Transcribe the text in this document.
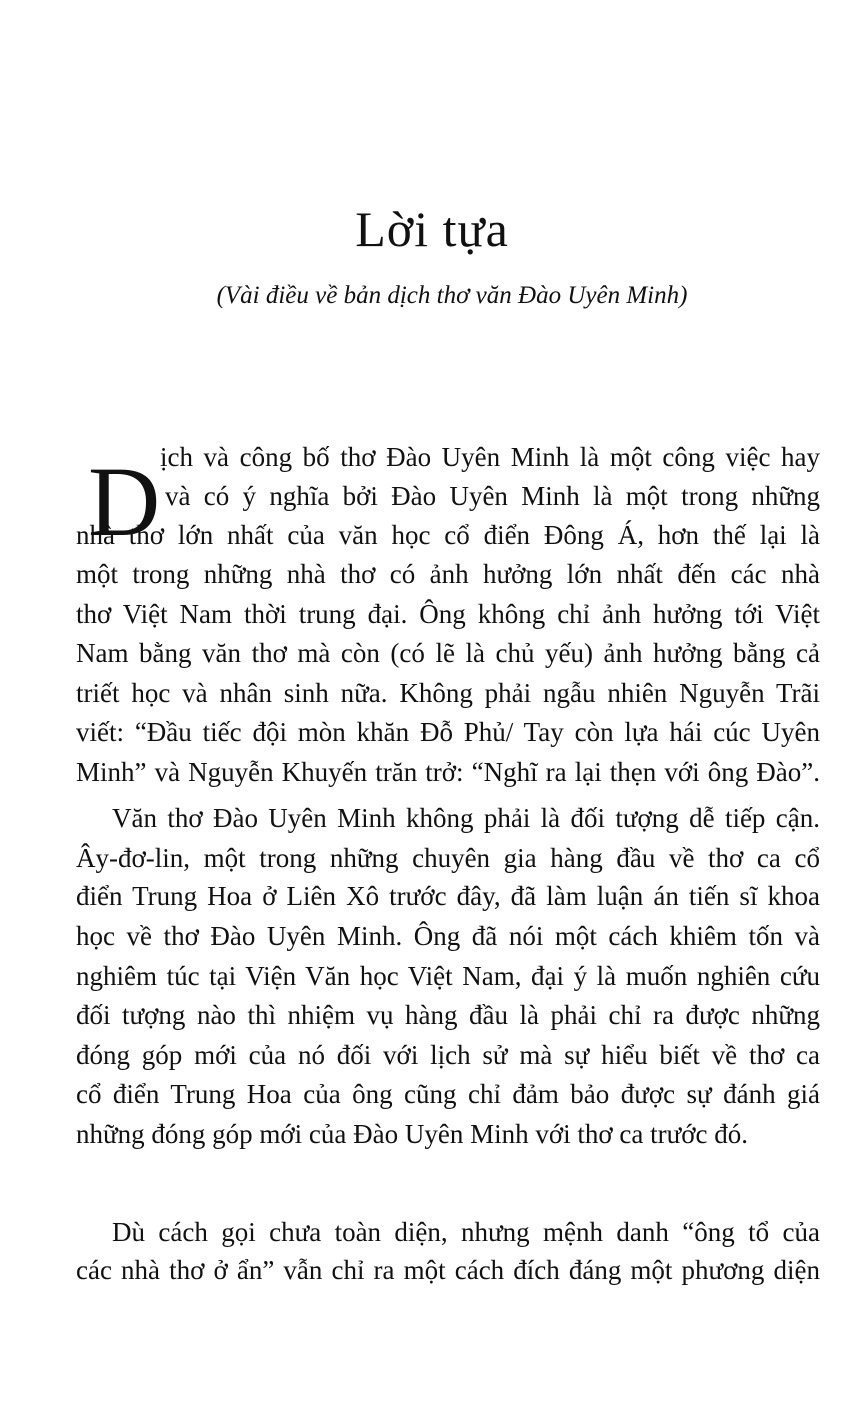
Lời tựa
(Vài điều về bản dịch thơ văn Đào Uyên Minh)
D ịch và công bố thơ Đào Uyên Minh là một công việc hay
và có ý nghĩa bởi Đào Uyên Minh là một trong những
nhà thơ lớn nhất của văn học cổ điển Đông Á, hơn thế lại là
một trong những nhà thơ có ảnh hưởng lớn nhất đến các nhà
thơ Việt Nam thời trung đại. Ông không chỉ ảnh hưởng tới Việt
Nam bằng văn thơ mà còn (có lẽ là chủ yếu) ảnh hưởng bằng cả
triết học và nhân sinh nữa. Không phải ngẫu nhiên Nguyễn Trãi
viết: “Đầu tiếc đội mòn khăn Đỗ Phủ/ Tay còn lựa hái cúc Uyên
Minh” và Nguyễn Khuyến trăn trở: “Nghĩ ra lại thẹn với ông Đào”.
Văn thơ Đào Uyên Minh không phải là đối tượng dễ tiếp cận.
Ây-đơ-lin, một trong những chuyên gia hàng đầu về thơ ca cổ
điển Trung Hoa ở Liên Xô trước đây, đã làm luận án tiến sĩ khoa
học về thơ Đào Uyên Minh. Ông đã nói một cách khiêm tốn và
nghiêm túc tại Viện Văn học Việt Nam, đại ý là muốn nghiên cứu
đối tượng nào thì nhiệm vụ hàng đầu là phải chỉ ra được những
đóng góp mới của nó đối với lịch sử mà sự hiểu biết về thơ ca
cổ điển Trung Hoa của ông cũng chỉ đảm bảo được sự đánh giá
những đóng góp mới của Đào Uyên Minh với thơ ca trước đó.
Dù cách gọi chưa toàn diện, nhưng mệnh danh “ông tổ của
các nhà thơ ở ẩn” vẫn chỉ ra một cách đích đáng một phương diện
